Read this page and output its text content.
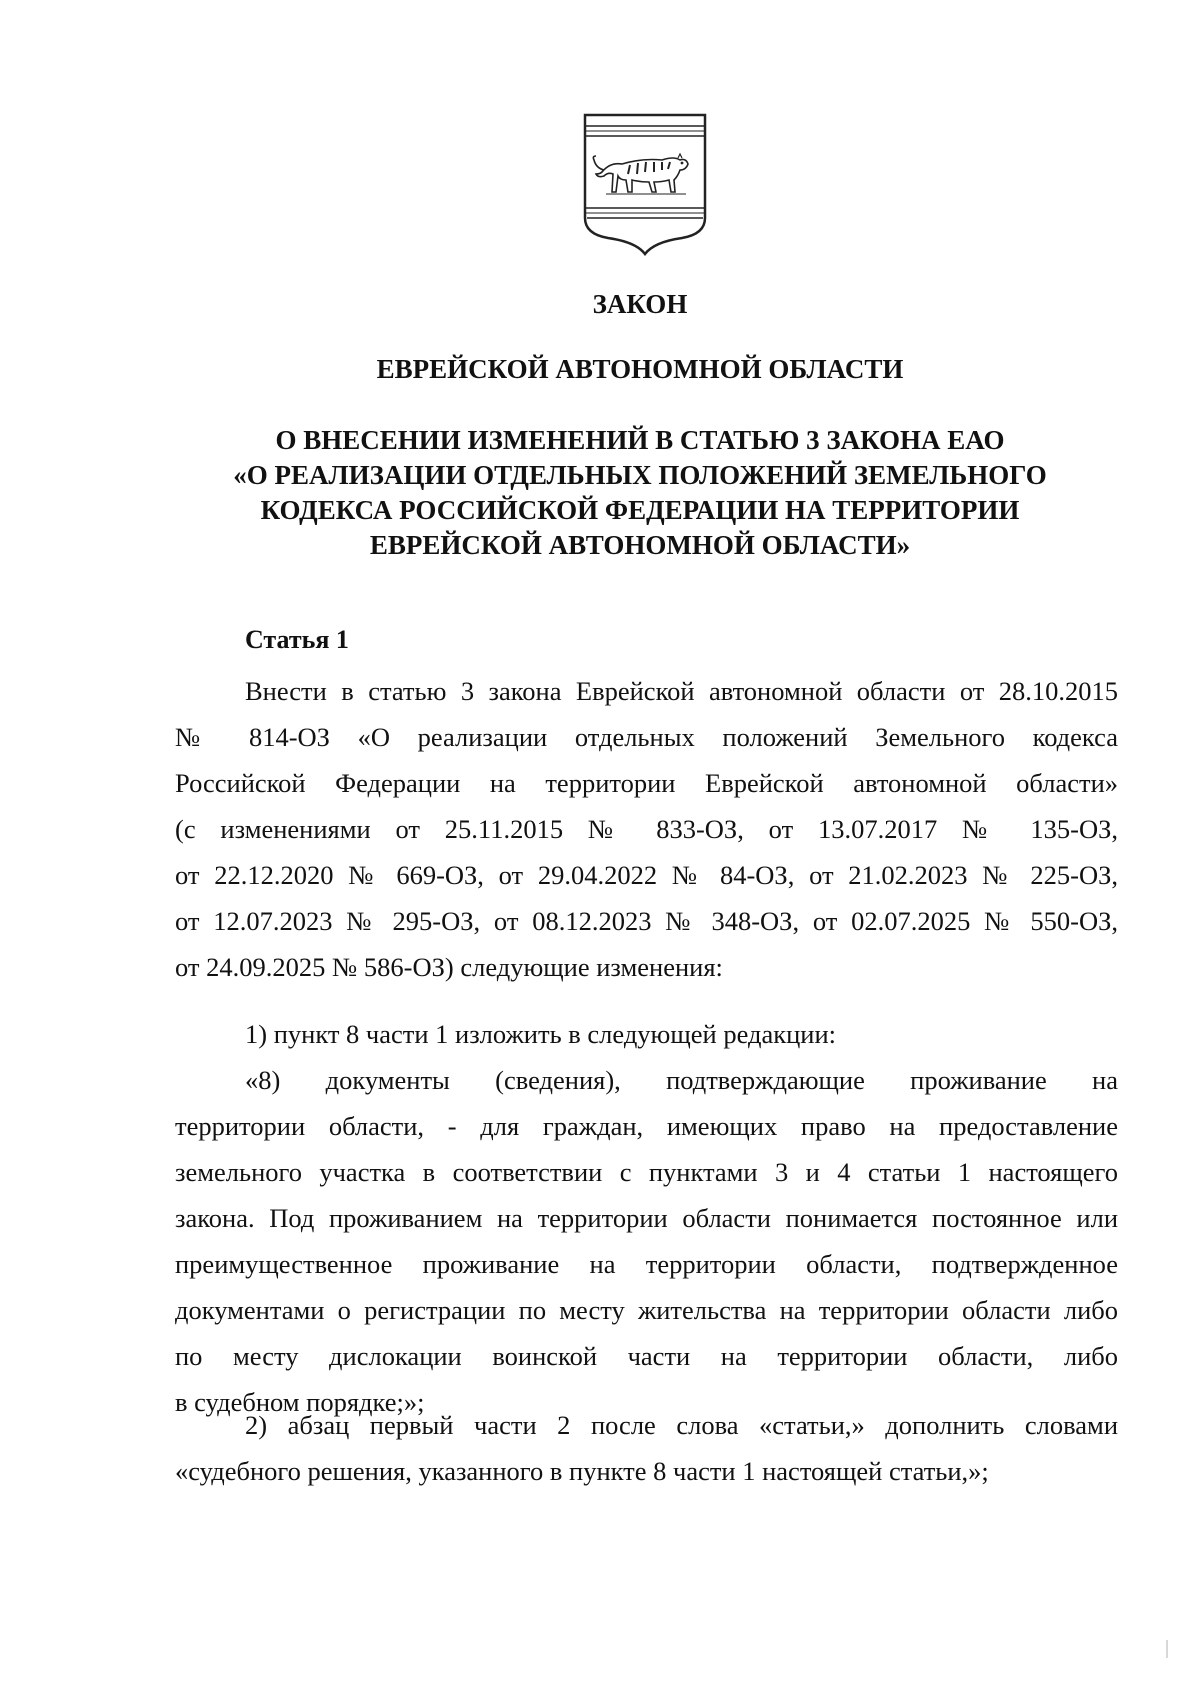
ЗАКОН
ЕВРЕЙСКОЙ АВТОНОМНОЙ ОБЛАСТИ
О ВНЕСЕНИИ ИЗМЕНЕНИЙ В СТАТЬЮ 3 ЗАКОНА ЕАО
«О РЕАЛИЗАЦИИ ОТДЕЛЬНЫХ ПОЛОЖЕНИЙ ЗЕМЕЛЬНОГО
КОДЕКСА РОССИЙСКОЙ ФЕДЕРАЦИИ НА ТЕРРИТОРИИ
ЕВРЕЙСКОЙ АВТОНОМНОЙ ОБЛАСТИ»
Статья 1

Внести в статью 3 закона Еврейской автономной области от 28.10.2015
№ 814-ОЗ «О реализации отдельных положений Земельного кодекса
Российской Федерации на территории Еврейской автономной области»
(с изменениями от 25.11.2015 № 833-ОЗ, от 13.07.2017 № 135-ОЗ,
от 22.12.2020 № 669-ОЗ, от 29.04.2022 № 84-ОЗ, от 21.02.2023 № 225-ОЗ,
от 12.07.2023 № 295-ОЗ, от 08.12.2023 № 348-ОЗ, от 02.07.2025 № 550-ОЗ,
от 24.09.2025 № 586-ОЗ) следующие изменения:

1) пункт 8 части 1 изложить в следующей редакции:

«8) документы (сведения), подтверждающие проживание на
территории области, - для граждан, имеющих право на предоставление
земельного участка в соответствии с пунктами 3 и 4 статьи 1 настоящего
закона. Под проживанием на территории области понимается постоянное или
преимущественное проживание на территории области, подтвержденное
документами о регистрации по месту жительства на территории области либо
по месту дислокации воинской части на территории области, либо
в судебном порядке;»;

2) абзац первый части 2 после слова «статьи,» дополнить словами
«судебного решения, указанного в пункте 8 части 1 настоящей статьи,»;
